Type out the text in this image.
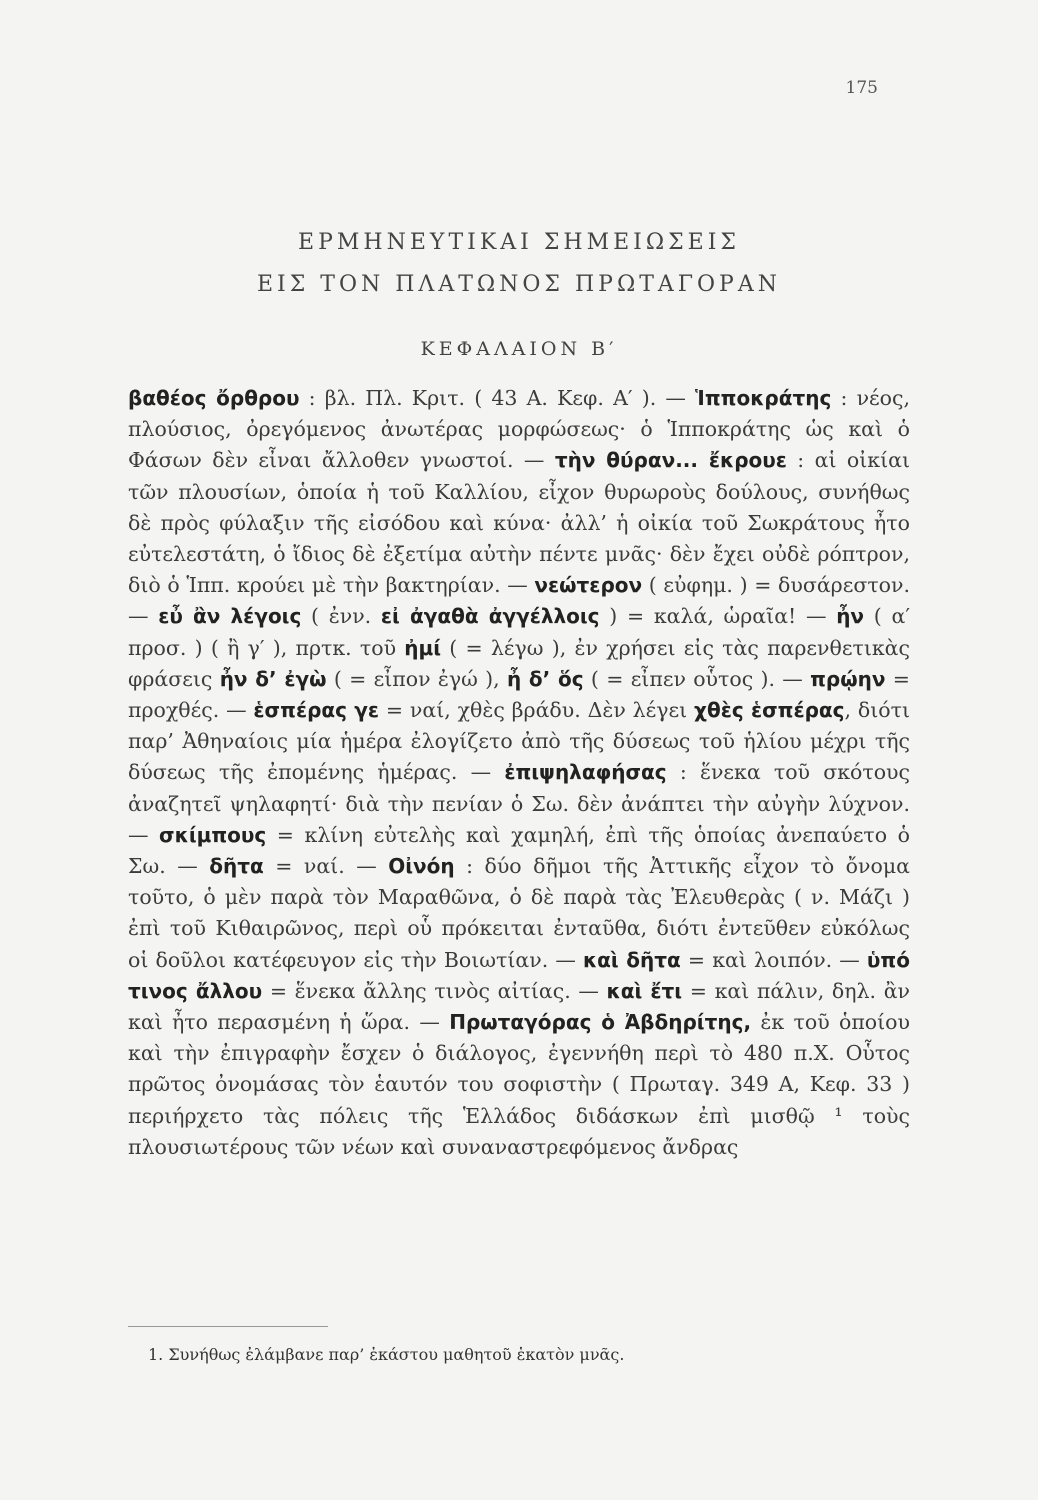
175
ΕΡΜΗΝΕΥΤΙΚΑΙ ΣΗΜΕΙΩΣΕΙΣ
ΕΙΣ ΤΟΝ ΠΛΑΤΩΝΟΣ ΠΡΩΤΑΓΟΡΑΝ
ΚΕΦΑΛΑΙΟΝ Β′
βαθέος ὄρθρου : βλ. Πλ. Κριτ. ( 43 Α. Κεφ. Α′ ). — Ἱπποκράτης : νέος, πλούσιος, ὀρεγόμενος ἀνωτέρας μορφώσεως· ὁ Ἱπποκράτης ὡς καὶ ὁ Φάσων δὲν εἶναι ἄλλοθεν γνωστοί. — τὴν θύραν... ἔκρουε : αἱ οἰκίαι τῶν πλουσίων, ὁποία ἡ τοῦ Καλλίου, εἶχον θυρωροὺς δούλους, συνήθως δὲ πρὸς φύλαξιν τῆς εἰσόδου καὶ κύνα· ἀλλ’ ἡ οἰκία τοῦ Σωκράτους ἦτο εὐτελεστάτη, ὁ ἴδιος δὲ ἐξετίμα αὐτὴν πέντε μνᾶς· δὲν ἔχει οὐδὲ ρόπτρον, διὸ ὁ Ἱππ. κρούει μὲ τὴν βακτηρίαν. — νεώτερον ( εὐφημ. ) = δυσάρεστον. — εὖ ἂν λέγοις ( ἐνν. εἰ ἀγαθὰ ἀγγέλλοις ) = καλά, ὡραῖα! — ἦν ( α′ προσ. ) ( ἢ γ′ ), πρτκ. τοῦ ἠμί ( = λέγω ), ἐν χρήσει εἰς τὰς παρενθετικὰς φράσεις ἦν δ’ ἐγὼ ( = εἶπον ἐγώ ), ἦ δ’ ὅς ( = εἶπεν οὗτος ). — πρῴην = προχθές. — ἑσπέρας γε = ναί, χθὲς βράδυ. Δὲν λέγει χθὲς ἑσπέρας, διότι παρ’ Ἀθηναίοις μία ἡμέρα ἐλογίζετο ἀπὸ τῆς δύσεως τοῦ ἡλίου μέχρι τῆς δύσεως τῆς ἐπομένης ἡμέρας. — ἐπιψηλαφήσας : ἕνεκα τοῦ σκότους ἀναζητεῖ ψηλαφητί· διὰ τὴν πενίαν ὁ Σω. δὲν ἀνάπτει τὴν αὐγὴν λύχνον. — σκίμπους = κλίνη εὐτελὴς καὶ χαμηλή, ἐπὶ τῆς ὁποίας ἀνεπαύετο ὁ Σω. — δῆτα = ναί. — Οἰνόη : δύο δῆμοι τῆς Ἀττικῆς εἶχον τὸ ὄνομα τοῦτο, ὁ μὲν παρὰ τὸν Μαραθῶνα, ὁ δὲ παρὰ τὰς Ἐλευθερὰς ( ν. Μάζι ) ἐπὶ τοῦ Κιθαιρῶνος, περὶ οὗ πρόκειται ἐνταῦθα, διότι ἐντεῦθεν εὐκόλως οἱ δοῦλοι κατέφευγον εἰς τὴν Βοιωτίαν. — καὶ δῆτα = καὶ λοιπόν. — ὑπό τινος ἄλλου = ἕνεκα ἄλλης τινὸς αἰτίας. — καὶ ἔτι = καὶ πάλιν, δηλ. ἂν καὶ ἦτο περασμένη ἡ ὥρα. — Πρωταγόρας ὁ Ἀβδηρίτης, ἐκ τοῦ ὁποίου καὶ τὴν ἐπιγραφὴν ἔσχεν ὁ διάλογος, ἐγεννήθη περὶ τὸ 480 π.Χ. Οὗτος πρῶτος ὀνομάσας τὸν ἑαυτόν του σοφιστὴν ( Πρωταγ. 349 Α, Κεφ. 33 ) περιήρχετο τὰς πόλεις τῆς Ἑλλάδος διδάσκων ἐπὶ μισθῷ ¹ τοὺς πλουσιωτέρους τῶν νέων καὶ συναναστρεφόμενος ἄνδρας
1. Συνήθως ἐλάμβανε παρ’ ἑκάστου μαθητοῦ ἑκατὸν μνᾶς.
